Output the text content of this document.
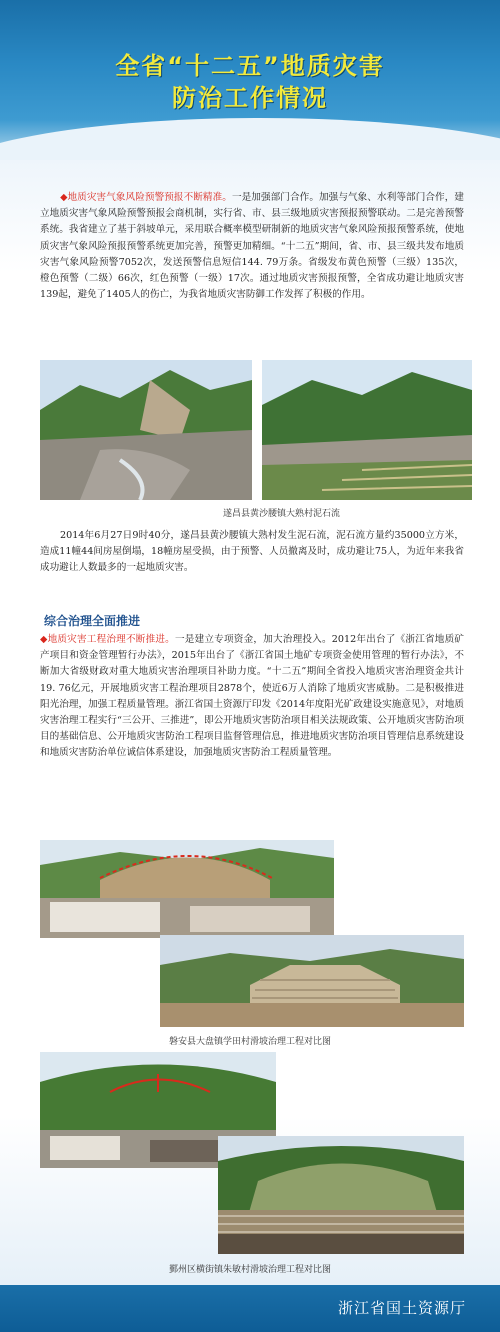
全省“十二五”地质灾害
防治工作情况
◆地质灾害气象风险预警预报不断精准。一是加强部门合作。加强与气象、水利等部门合作，建立地质灾害气象风险预警预报会商机制，实行省、市、县三级地质灾害预报预警联动。二是完善预警系统。我省建立了基于斜坡单元，采用联合概率模型研制新的地质灾害气象风险预报预警系统，使地质灾害气象风险预报预警系统更加完善，预警更加精细。“十二五”期间，省、市、县三级共发布地质灾害气象风险预警7052次，发送预警信息短信144. 79万条。省级发布黄色预警（三级）135次，橙色预警（二级）66次，红色预警（一级）17次。通过地质灾害预报预警，全省成功避让地质灾害139起，避免了1405人的伤亡，为我省地质灾害防御工作发挥了积极的作用。
遂昌县黄沙腰镇大熟村泥石流
2014年6月27日9时40分，遂昌县黄沙腰镇大熟村发生泥石流，泥石流方量约35000立方米，造成11幢44间房屋倒塌，18幢房屋受损，由于预警、人员撤离及时，成功避让75人，为近年来我省成功避让人数最多的一起地质灾害。
综合治理全面推进
◆地质灾害工程治理不断推进。一是建立专项资金，加大治理投入。2012年出台了《浙江省地质矿产项目和资金管理暂行办法》，2015年出台了《浙江省国土地矿专项资金使用管理的暂行办法》，不断加大省级财政对重大地质灾害治理项目补助力度。“十二五”期间全省投入地质灾害治理资金共计19. 76亿元，开展地质灾害工程治理项目2878个，使近6万人消除了地质灾害威胁。二是积极推进阳光治理，加强工程质量管理。浙江省国土资源厅印发《2014年度阳光矿政建设实施意见》，对地质灾害治理工程实行“三公开、三推进”，即公开地质灾害防治项目相关法规政策、公开地质灾害防治项目的基础信息、公开地质灾害防治工程项目监督管理信息，推进地质灾害防治项目管理信息系统建设和地质灾害防治单位诚信体系建设，加强地质灾害防治工程质量管理。
磐安县大盘镇学田村滑坡治理工程对比图
鄞州区横街镇朱敏村滑坡治理工程对比图
浙江省国土资源厅
